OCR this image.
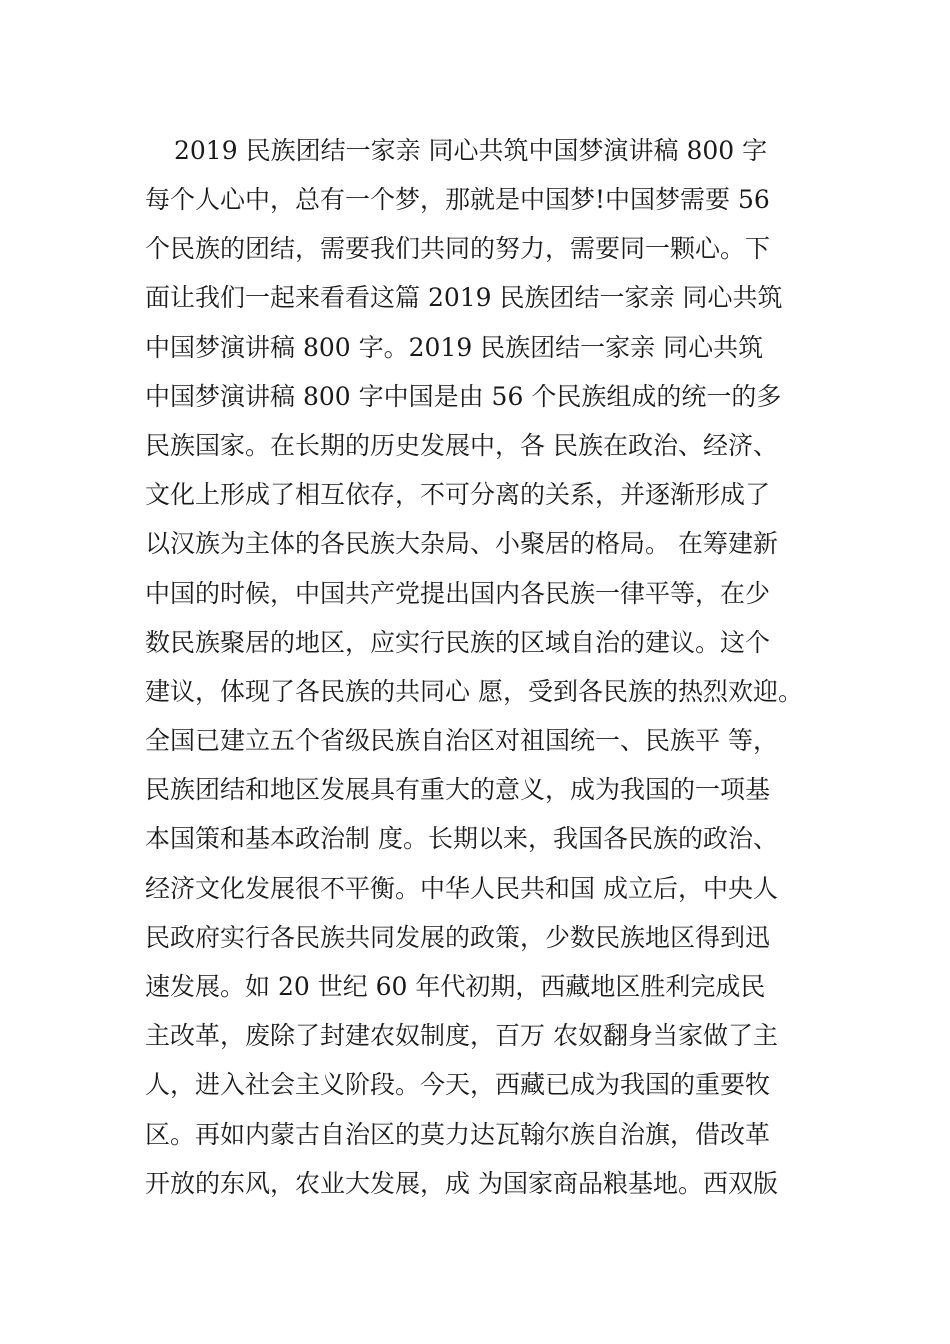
2019 民族团结一家亲 同心共筑中国梦演讲稿 800 字
每个人心中，总有一个梦，那就是中国梦!中国梦需要 56
个民族的团结，需要我们共同的努力，需要同一颗心。下
面让我们一起来看看这篇 2019 民族团结一家亲 同心共筑
中国梦演讲稿 800 字。2019 民族团结一家亲 同心共筑
中国梦演讲稿 800 字中国是由 56 个民族组成的统一的多
民族国家。在长期的历史发展中，各 民族在政治、经济、
文化上形成了相互依存，不可分离的关系，并逐渐形成了
以汉族为主体的各民族大杂局、小聚居的格局。 在筹建新
中国的时候，中国共产党提出国内各民族一律平等，在少
数民族聚居的地区，应实行民族的区域自治的建议。这个
建议，体现了各民族的共同心 愿，受到各民族的热烈欢迎。
全国已建立五个省级民族自治区对祖国统一、民族平 等，
民族团结和地区发展具有重大的意义，成为我国的一项基
本国策和基本政治制 度。长期以来，我国各民族的政治、
经济文化发展很不平衡。中华人民共和国 成立后，中央人
民政府实行各民族共同发展的政策，少数民族地区得到迅
速发展。如 20 世纪 60 年代初期，西藏地区胜利完成民
主改革，废除了封建农奴制度，百万 农奴翻身当家做了主
人，进入社会主义阶段。今天，西藏已成为我国的重要牧
区。再如内蒙古自治区的莫力达瓦翰尔族自治旗，借改革
开放的东风，农业大发展，成 为国家商品粮基地。西双版
